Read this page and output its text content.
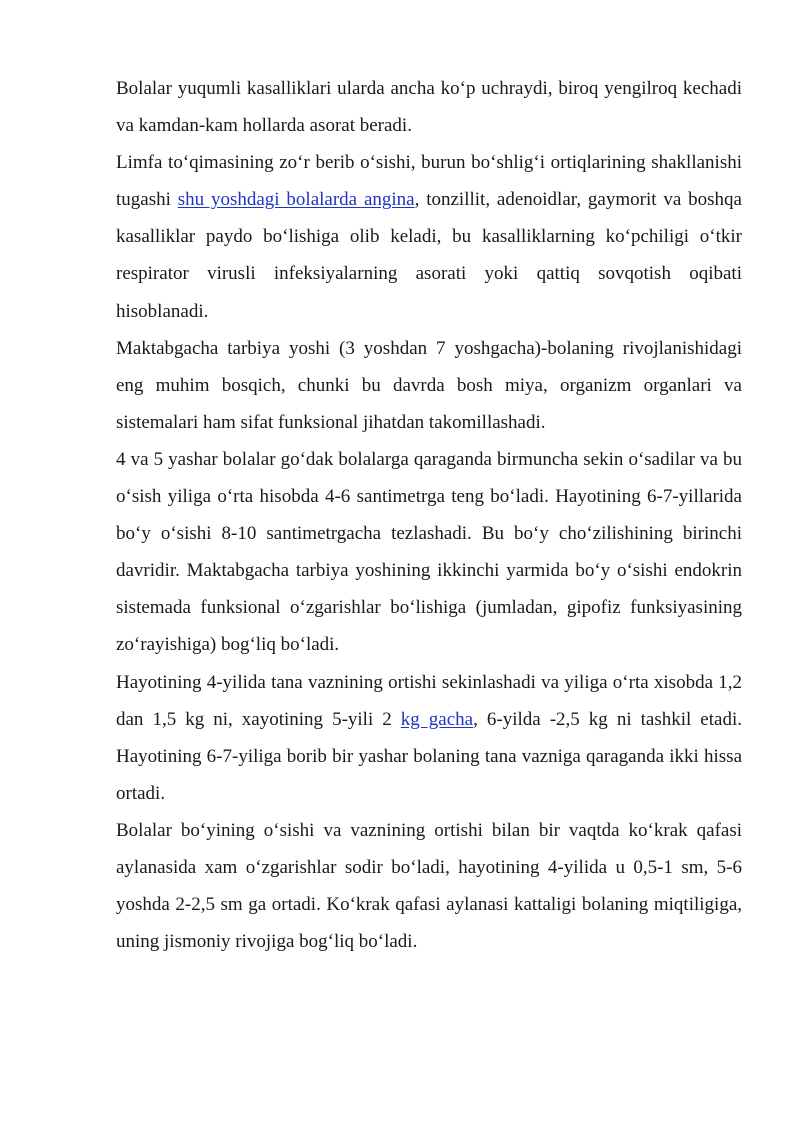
Bolalar yuqumli kasalliklari ularda ancha koʻp uchraydi, biroq yengilroq kechadi va kamdan-kam hollarda asorat beradi.

Limfa toʻqimasining zoʻr berib oʻsishi, burun boʻshligʻi ortiqlarining shakllanishi tugashi shu yoshdagi bolalarda angina, tonzillit, adenoidlar, gaymorit va boshqa kasalliklar paydo boʻlishiga olib keladi, bu kasalliklarning koʻpchiligi oʻtkir respirator virusli infeksiyalarning asorati yoki qattiq sovqotish oqibati hisoblanadi.

Maktabgacha tarbiya yoshi (3 yoshdan 7 yoshgacha)-bolaning rivojlanishidagi eng muhim bosqich, chunki bu davrda bosh miya, organizm organlari va sistemalari ham sifat funksional jihatdan takomillashadi.

4 va 5 yashar bolalar goʻdak bolalarga qaraganda birmuncha sekin oʻsadilar va bu oʻsish yiliga oʻrta hisobda 4-6 santimetrga teng boʻladi. Hayotining 6-7-yillarida boʻy oʻsishi 8-10 santimetrgacha tezlashadi. Bu boʻy choʻzilishining birinchi davridir. Maktabgacha tarbiya yoshining ikkinchi yarmida boʻy oʻsishi endokrin sistemada funksional oʻzgarishlar boʻlishiga (jumladan, gipofiz funksiyasining zoʻrayishiga) bogʻliq boʻladi.

Hayotining 4-yilida tana vaznining ortishi sekinlashadi va yiliga oʻrta xisobda 1,2 dan 1,5 kg ni, xayotining 5-yili 2 kg gacha, 6-yilda -2,5 kg ni tashkil etadi. Hayotining 6-7-yiliga borib bir yashar bolaning tana vazniga qaraganda ikki hissa ortadi.

Bolalar boʻyining oʻsishi va vaznining ortishi bilan bir vaqtda koʻkrak qafasi aylanasida xam oʻzgarishlar sodir boʻladi, hayotining 4-yilida u 0,5-1 sm, 5-6 yoshda 2-2,5 sm ga ortadi. Koʻkrak qafasi aylanasi kattaligi bolaning miqtiligiga, uning jismoniy rivojiga bogʻliq boʻladi.
